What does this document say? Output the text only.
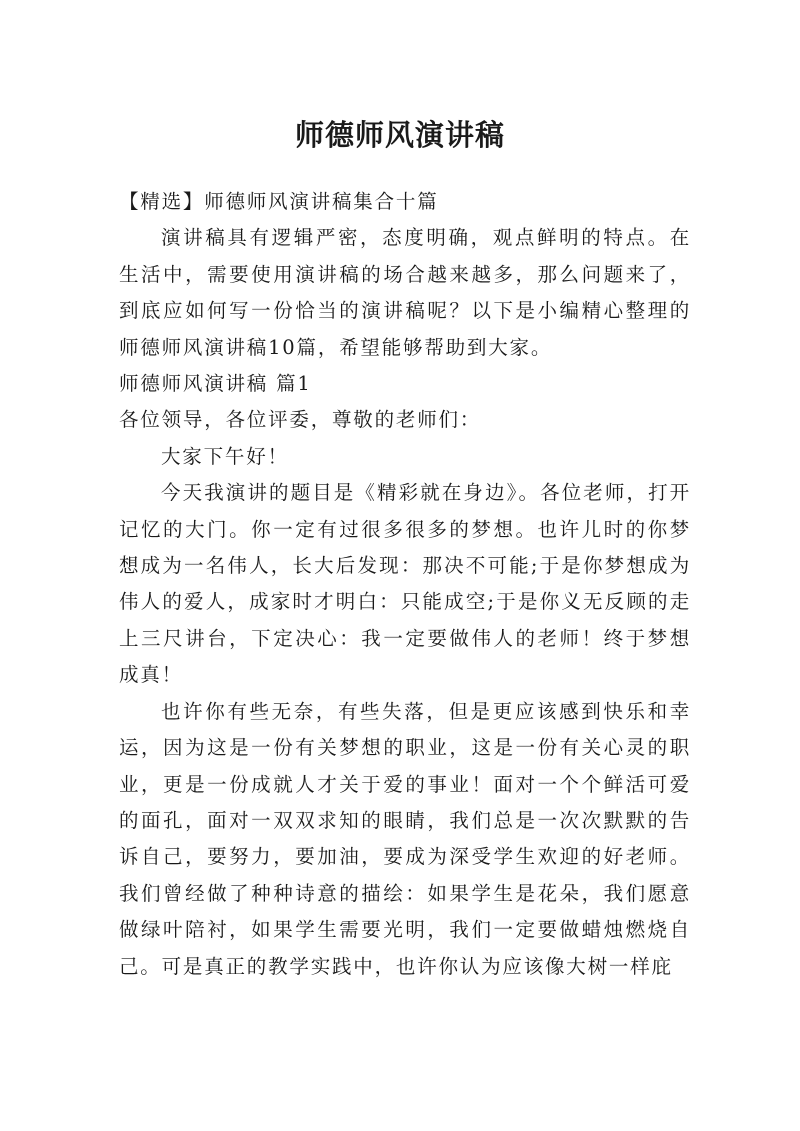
师德师风演讲稿

【精选】师德师风演讲稿集合十篇

演讲稿具有逻辑严密，态度明确，观点鲜明的特点。在生活中，需要使用演讲稿的场合越来越多，那么问题来了，到底应如何写一份恰当的演讲稿呢？以下是小编精心整理的师德师风演讲稿10篇，希望能够帮助到大家。

师德师风演讲稿 篇1

各位领导，各位评委，尊敬的老师们：

大家下午好！

今天我演讲的题目是《精彩就在身边》。各位老师，打开记忆的大门。你一定有过很多很多的梦想。也许儿时的你梦想成为一名伟人，长大后发现：那决不可能;于是你梦想成为伟人的爱人，成家时才明白：只能成空;于是你义无反顾的走上三尺讲台，下定决心：我一定要做伟人的老师！终于梦想成真！

也许你有些无奈，有些失落，但是更应该感到快乐和幸运，因为这是一份有关梦想的职业，这是一份有关心灵的职业，更是一份成就人才关于爱的事业！面对一个个鲜活可爱的面孔，面对一双双求知的眼睛，我们总是一次次默默的告诉自己，要努力，要加油，要成为深受学生欢迎的好老师。我们曾经做了种种诗意的描绘：如果学生是花朵，我们愿意做绿叶陪衬，如果学生需要光明，我们一定要做蜡烛燃烧自己。可是真正的教学实践中，也许你认为应该像大树一样庇
